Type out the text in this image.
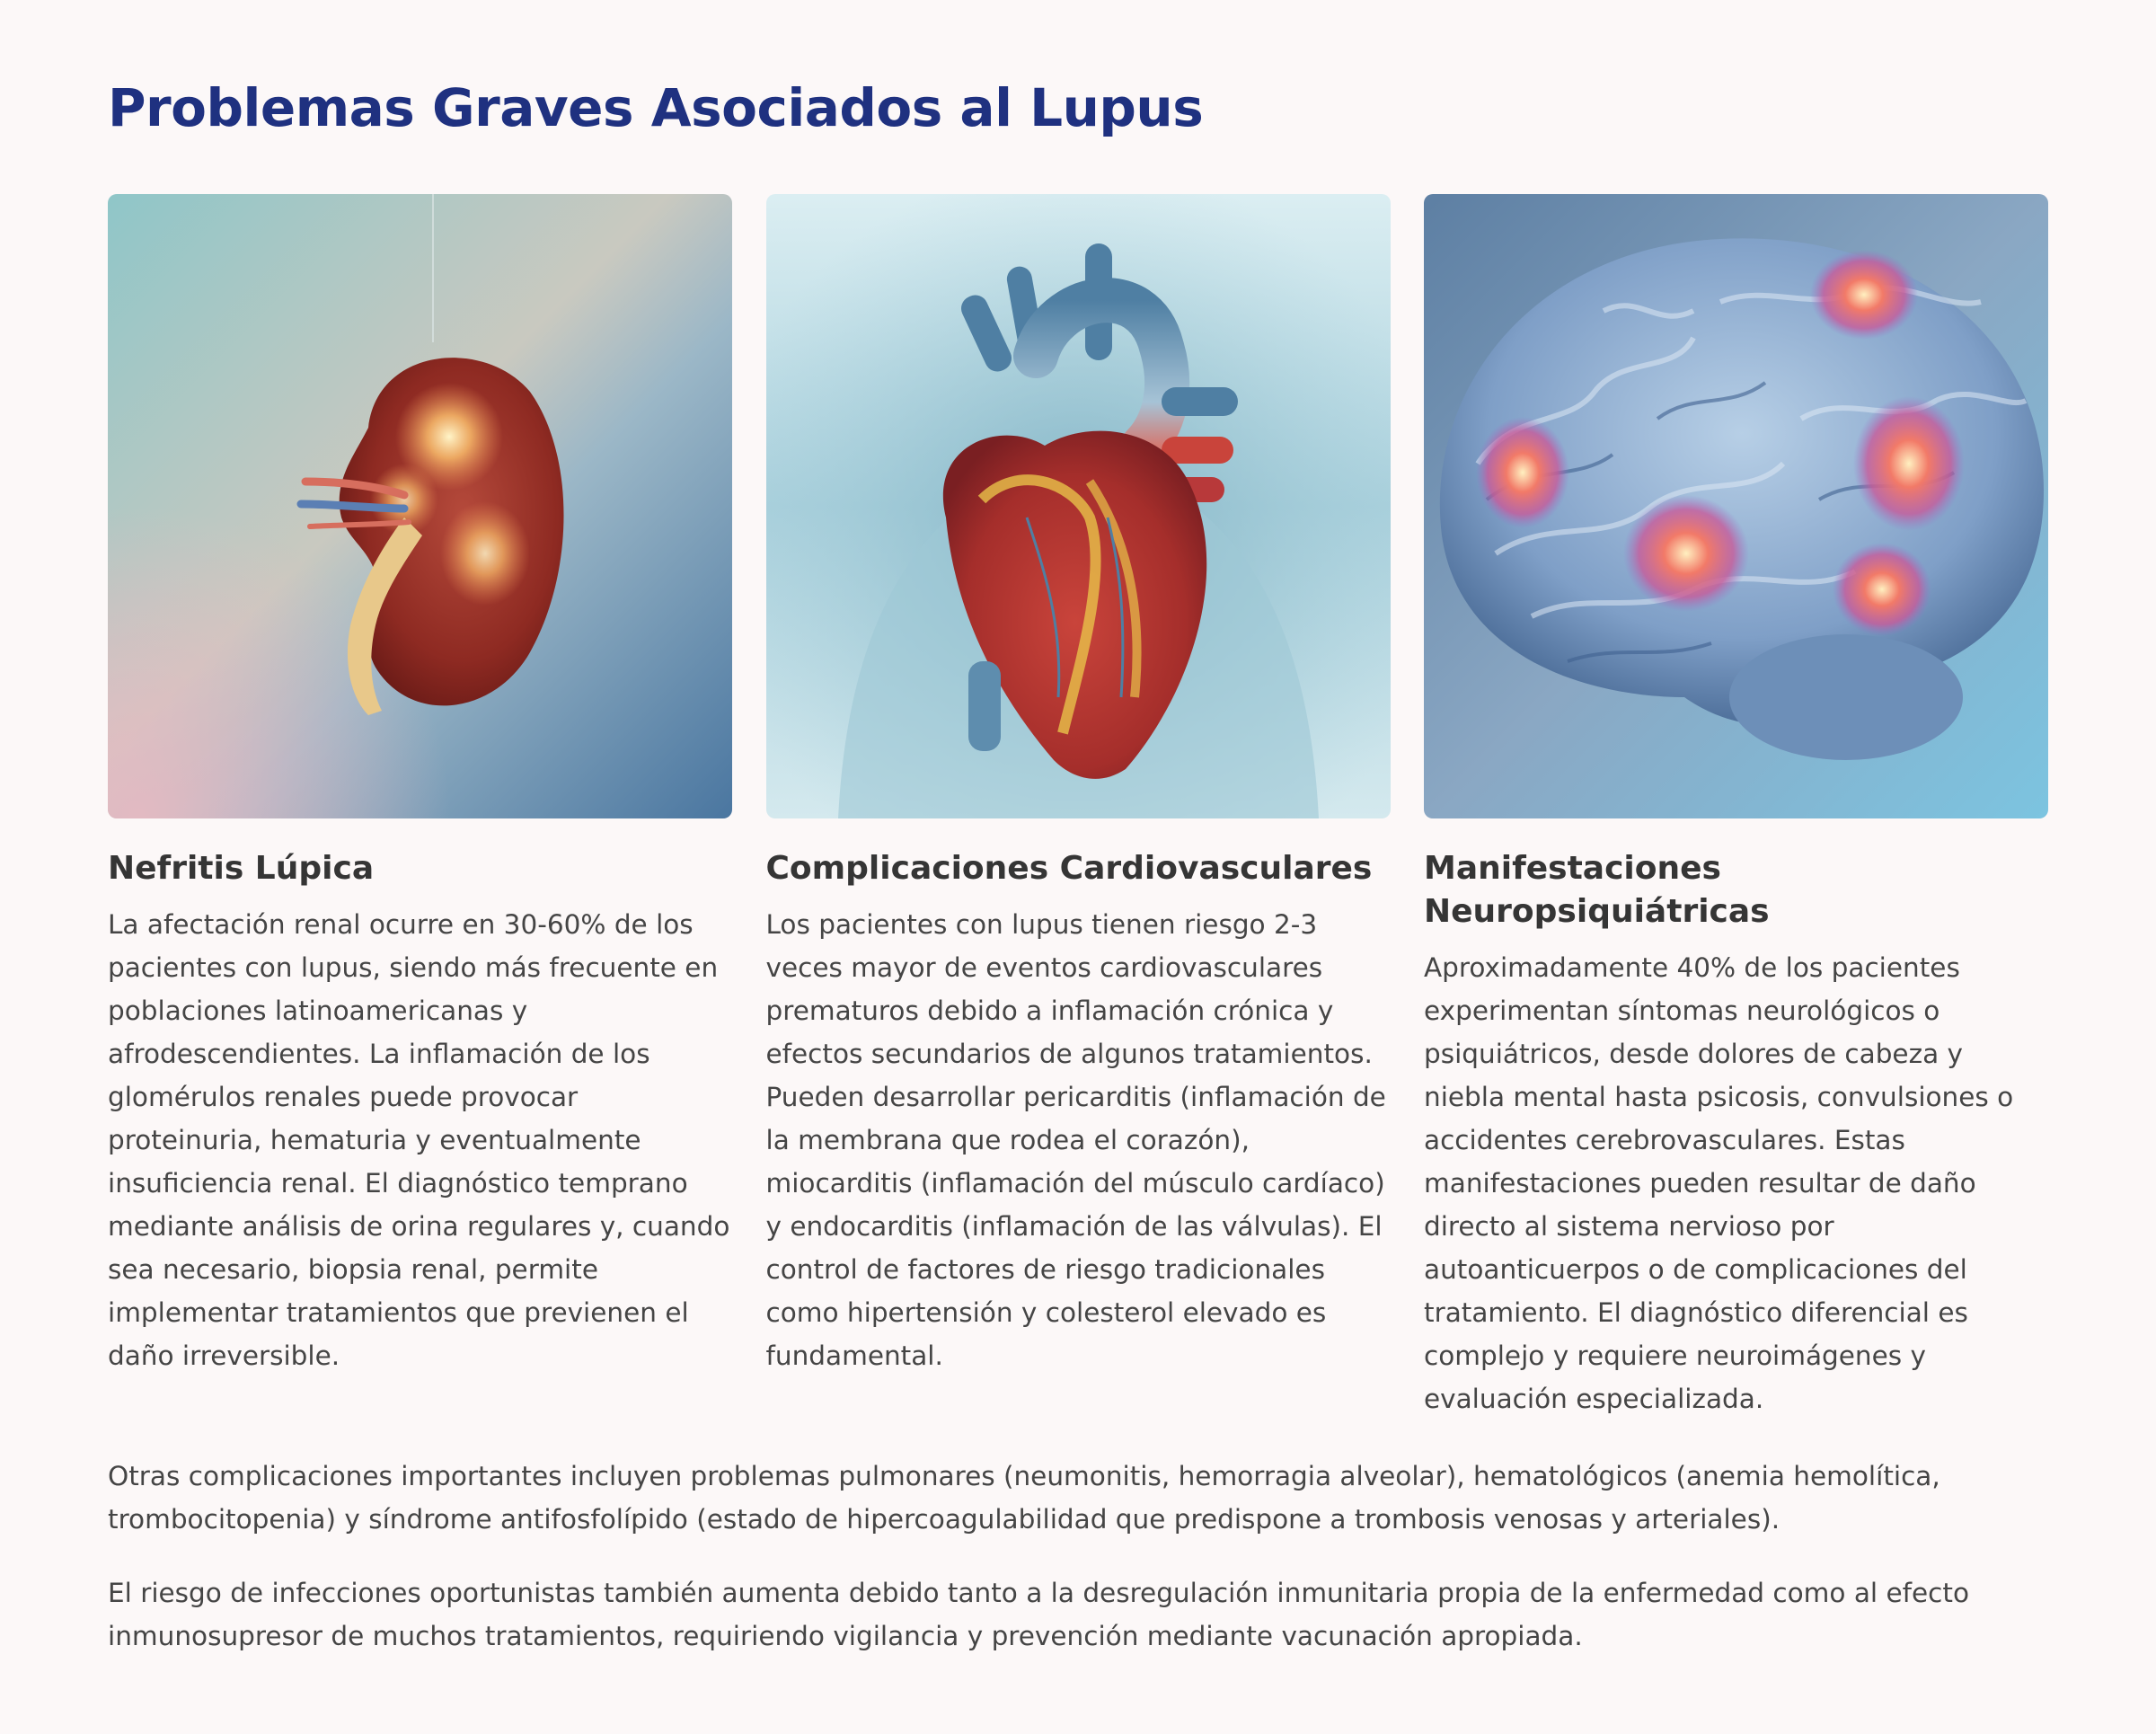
Problemas Graves Asociados al Lupus
Nefritis Lúpica

La afectación renal ocurre en 30-60% de los pacientes con lupus, siendo más frecuente en poblaciones latinoamericanas y afrodescendientes. La inflamación de los glomérulos renales puede provocar proteinuria, hematuria y eventualmente insuficiencia renal. El diagnóstico temprano mediante análisis de orina regulares y, cuando sea necesario, biopsia renal, permite implementar tratamientos que previenen el daño irreversible.

Complicaciones Cardiovasculares

Los pacientes con lupus tienen riesgo 2-3 veces mayor de eventos cardiovasculares prematuros debido a inflamación crónica y efectos secundarios de algunos tratamientos. Pueden desarrollar pericarditis (inflamación de la membrana que rodea el corazón), miocarditis (inflamación del músculo cardíaco) y endocarditis (inflamación de las válvulas). El control de factores de riesgo tradicionales como hipertensión y colesterol elevado es fundamental.

Manifestaciones Neuropsiquiátricas

Aproximadamente 40% de los pacientes experimentan síntomas neurológicos o psiquiátricos, desde dolores de cabeza y niebla mental hasta psicosis, convulsiones o accidentes cerebrovasculares. Estas manifestaciones pueden resultar de daño directo al sistema nervioso por autoanticuerpos o de complicaciones del tratamiento. El diagnóstico diferencial es complejo y requiere neuroimágenes y evaluación especializada.

Otras complicaciones importantes incluyen problemas pulmonares (neumonitis, hemorragia alveolar), hematológicos (anemia hemolítica, trombocitopenia) y síndrome antifosfolípido (estado de hipercoagulabilidad que predispone a trombosis venosas y arteriales).

El riesgo de infecciones oportunistas también aumenta debido tanto a la desregulación inmunitaria propia de la enfermedad como al efecto inmunosupresor de muchos tratamientos, requiriendo vigilancia y prevención mediante vacunación apropiada.
